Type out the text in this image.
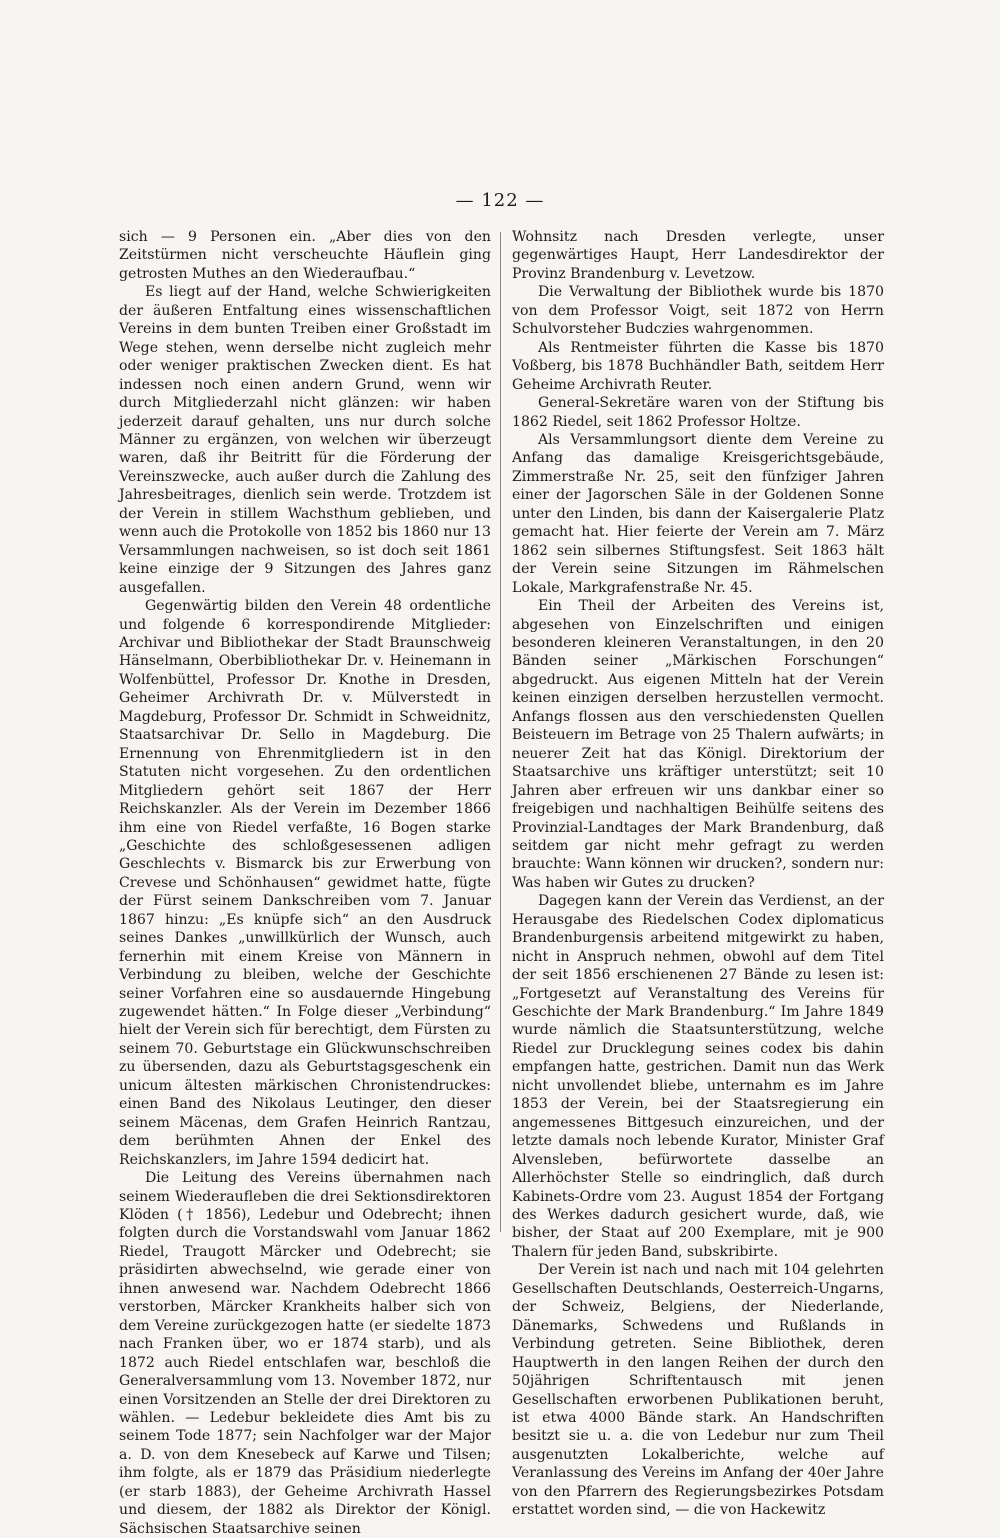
— 122 —

sich — 9 Personen ein. „Aber dies von den Zeitstürmen nicht verscheuchte Häuflein ging getrosten Muthes an den Wiederaufbau.“

Es liegt auf der Hand, welche Schwierigkeiten der äußeren Entfaltung eines wissenschaftlichen Vereins in dem bunten Treiben einer Großstadt im Wege stehen, wenn derselbe nicht zugleich mehr oder weniger praktischen Zwecken dient. Es hat indessen noch einen andern Grund, wenn wir durch Mitgliederzahl nicht glänzen: wir haben jederzeit darauf gehalten, uns nur durch solche Männer zu ergänzen, von welchen wir überzeugt waren, daß ihr Beitritt für die Förderung der Vereinszwecke, auch außer durch die Zahlung des Jahresbeitrages, dienlich sein werde. Trotzdem ist der Verein in stillem Wachsthum geblieben, und wenn auch die Protokolle von 1852 bis 1860 nur 13 Versammlungen nachweisen, so ist doch seit 1861 keine einzige der 9 Sitzungen des Jahres ganz ausgefallen.

Gegenwärtig bilden den Verein 48 ordentliche und folgende 6 korrespondirende Mitglieder: Archivar und Bibliothekar der Stadt Braunschweig Hänselmann, Oberbibliothekar Dr. v. Heinemann in Wolfenbüttel, Professor Dr. Knothe in Dresden, Geheimer Archivrath Dr. v. Mülverstedt in Magdeburg, Professor Dr. Schmidt in Schweidnitz, Staatsarchivar Dr. Sello in Magdeburg. Die Ernennung von Ehrenmitgliedern ist in den Statuten nicht vorgesehen. Zu den ordentlichen Mitgliedern gehört seit 1867 der Herr Reichskanzler. Als der Verein im Dezember 1866 ihm eine von Riedel verfaßte, 16 Bogen starke „Geschichte des schloßgesessenen adligen Geschlechts v. Bismarck bis zur Erwerbung von Crevese und Schönhausen“ gewidmet hatte, fügte der Fürst seinem Dankschreiben vom 7. Januar 1867 hinzu: „Es knüpfe sich“ an den Ausdruck seines Dankes „unwillkürlich der Wunsch, auch fernerhin mit einem Kreise von Männern in Verbindung zu bleiben, welche der Geschichte seiner Vorfahren eine so ausdauernde Hingebung zugewendet hätten.“ In Folge dieser „Verbindung“ hielt der Verein sich für berechtigt, dem Fürsten zu seinem 70. Geburtstage ein Glückwunschschreiben zu übersenden, dazu als Geburtstagsgeschenk ein unicum ältesten märkischen Chronistendruckes: einen Band des Nikolaus Leutinger, den dieser seinem Mäcenas, dem Grafen Heinrich Rantzau, dem berühmten Ahnen der Enkel des Reichskanzlers, im Jahre 1594 dedicirt hat.

Die Leitung des Vereins übernahmen nach seinem Wiederaufleben die drei Sektionsdirektoren Klöden († 1856), Ledebur und Odebrecht; ihnen folgten durch die Vorstandswahl vom Januar 1862 Riedel, Traugott Märcker und Odebrecht; sie präsidirten abwechselnd, wie gerade einer von ihnen anwesend war. Nachdem Odebrecht 1866 verstorben, Märcker Krankheits halber sich von dem Vereine zurückgezogen hatte (er siedelte 1873 nach Franken über, wo er 1874 starb), und als 1872 auch Riedel entschlafen war, beschloß die Generalversammlung vom 13. November 1872, nur einen Vorsitzenden an Stelle der drei Direktoren zu wählen. — Ledebur bekleidete dies Amt bis zu seinem Tode 1877; sein Nachfolger war der Major a. D. von dem Knesebeck auf Karwe und Tilsen; ihm folgte, als er 1879 das Präsidium niederlegte (er starb 1883), der Geheime Archivrath Hassel und diesem, der 1882 als Direktor der Königl. Sächsischen Staatsarchive seinen

Wohnsitz nach Dresden verlegte, unser gegenwärtiges Haupt, Herr Landesdirektor der Provinz Brandenburg v. Levetzow.

Die Verwaltung der Bibliothek wurde bis 1870 von dem Professor Voigt, seit 1872 von Herrn Schulvorsteher Budczies wahrgenommen.

Als Rentmeister führten die Kasse bis 1870 Voßberg, bis 1878 Buchhändler Bath, seitdem Herr Geheime Archivrath Reuter.

General-Sekretäre waren von der Stiftung bis 1862 Riedel, seit 1862 Professor Holtze.

Als Versammlungsort diente dem Vereine zu Anfang das damalige Kreisgerichtsgebäude, Zimmerstraße Nr. 25, seit den fünfziger Jahren einer der Jagorschen Säle in der Goldenen Sonne unter den Linden, bis dann der Kaisergalerie Platz gemacht hat. Hier feierte der Verein am 7. März 1862 sein silbernes Stiftungsfest. Seit 1863 hält der Verein seine Sitzungen im Rähmelschen Lokale, Markgrafenstraße Nr. 45.

Ein Theil der Arbeiten des Vereins ist, abgesehen von Einzelschriften und einigen besonderen kleineren Veranstaltungen, in den 20 Bänden seiner „Märkischen Forschungen“ abgedruckt. Aus eigenen Mitteln hat der Verein keinen einzigen derselben herzustellen vermocht. Anfangs flossen aus den verschiedensten Quellen Beisteuern im Betrage von 25 Thalern aufwärts; in neuerer Zeit hat das Königl. Direktorium der Staatsarchive uns kräftiger unterstützt; seit 10 Jahren aber erfreuen wir uns dankbar einer so freigebigen und nachhaltigen Beihülfe seitens des Provinzial-Landtages der Mark Brandenburg, daß seitdem gar nicht mehr gefragt zu werden brauchte: Wann können wir drucken?, sondern nur: Was haben wir Gutes zu drucken?

Dagegen kann der Verein das Verdienst, an der Herausgabe des Riedelschen Codex diplomaticus Brandenburgensis arbeitend mitgewirkt zu haben, nicht in Anspruch nehmen, obwohl auf dem Titel der seit 1856 erschienenen 27 Bände zu lesen ist: „Fortgesetzt auf Veranstaltung des Vereins für Geschichte der Mark Brandenburg.“ Im Jahre 1849 wurde nämlich die Staatsunterstützung, welche Riedel zur Drucklegung seines codex bis dahin empfangen hatte, gestrichen. Damit nun das Werk nicht unvollendet bliebe, unternahm es im Jahre 1853 der Verein, bei der Staatsregierung ein angemessenes Bittgesuch einzureichen, und der letzte damals noch lebende Kurator, Minister Graf Alvensleben, befürwortete dasselbe an Allerhöchster Stelle so eindringlich, daß durch Kabinets-Ordre vom 23. August 1854 der Fortgang des Werkes dadurch gesichert wurde, daß, wie bisher, der Staat auf 200 Exemplare, mit je 900 Thalern für jeden Band, subskribirte.

Der Verein ist nach und nach mit 104 gelehrten Gesellschaften Deutschlands, Oesterreich-Ungarns, der Schweiz, Belgiens, der Niederlande, Dänemarks, Schwedens und Rußlands in Verbindung getreten. Seine Bibliothek, deren Hauptwerth in den langen Reihen der durch den 50jährigen Schriftentausch mit jenen Gesellschaften erworbenen Publikationen beruht, ist etwa 4000 Bände stark. An Handschriften besitzt sie u. a. die von Ledebur nur zum Theil ausgenutzten Lokalberichte, welche auf Veranlassung des Vereins im Anfang der 40er Jahre von den Pfarrern des Regierungsbezirkes Potsdam erstattet worden sind, — die von Hackewitz
